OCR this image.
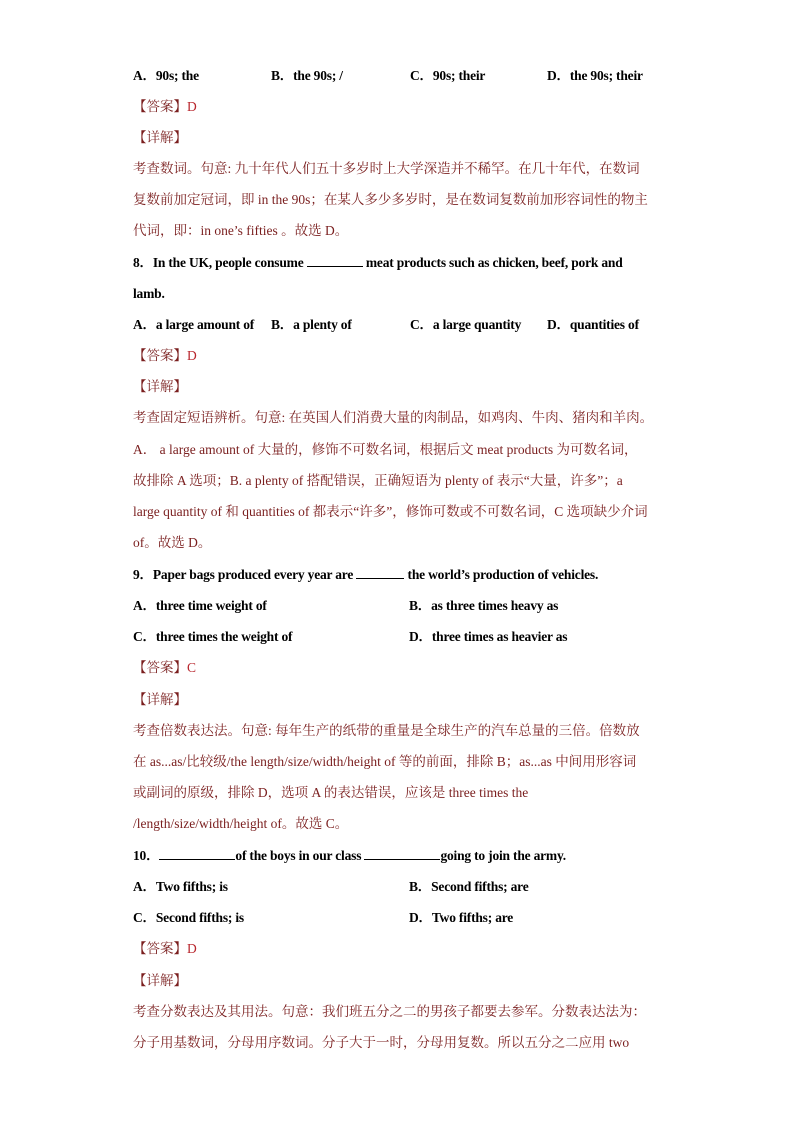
A．90s; the	B．the 90s; /	C．90s; their	D．the 90s; their
【答案】D
【详解】
考查数词。句意: 九十年代人们五十多岁时上大学深造并不稀罕。在几十年代，在数词
复数前加定冠词，即 in the 90s；在某人多少多岁时，是在数词复数前加形容词性的物主
代词，即：in one’s fifties 。故选 D。
8．In the UK, people consume	meat products such as chicken, beef, pork and
lamb.
A．a large amount of B．a plenty of	C．a large quantity D．quantities of
【答案】D
【详解】
考查固定短语辨析。句意: 在英国人们消费大量的肉制品，如鸡肉、牛肉、猪肉和羊肉。
A． a large amount of 大量的，修饰不可数名词，根据后文 meat products 为可数名词，
故排除 A 选项；B. a plenty of 搭配错误，正确短语为 plenty of 表示“大量，许多”；a
large quantity of 和 quantities of 都表示“许多”，修饰可数或不可数名词，C 选项缺少介词
of。故选 D。
9．Paper bags produced every year are	the world’s production of vehicles.
A．three time weight of	B．as three times heavy as
C．three times the weight of	D．three times as heavier as
【答案】C
【详解】
考查倍数表达法。句意: 每年生产的纸带的重量是全球生产的汽车总量的三倍。倍数放
在 as...as/比较级/the length/size/width/height of 等的前面，排除 B；as...as 中间用形容词
或副词的原级，排除 D，选项 A 的表达错误，应该是 three times the
/length/size/width/height of。故选 C。
10．	of the boys in our class	going to join the army.
A．Two fifths; is	B．Second fifths; are
C．Second fifths; is	D．Two fifths; are
【答案】D
【详解】
考查分数表达及其用法。句意：我们班五分之二的男孩子都要去参军。分数表达法为：
分子用基数词，分母用序数词。分子大于一时，分母用复数。所以五分之二应用 two
